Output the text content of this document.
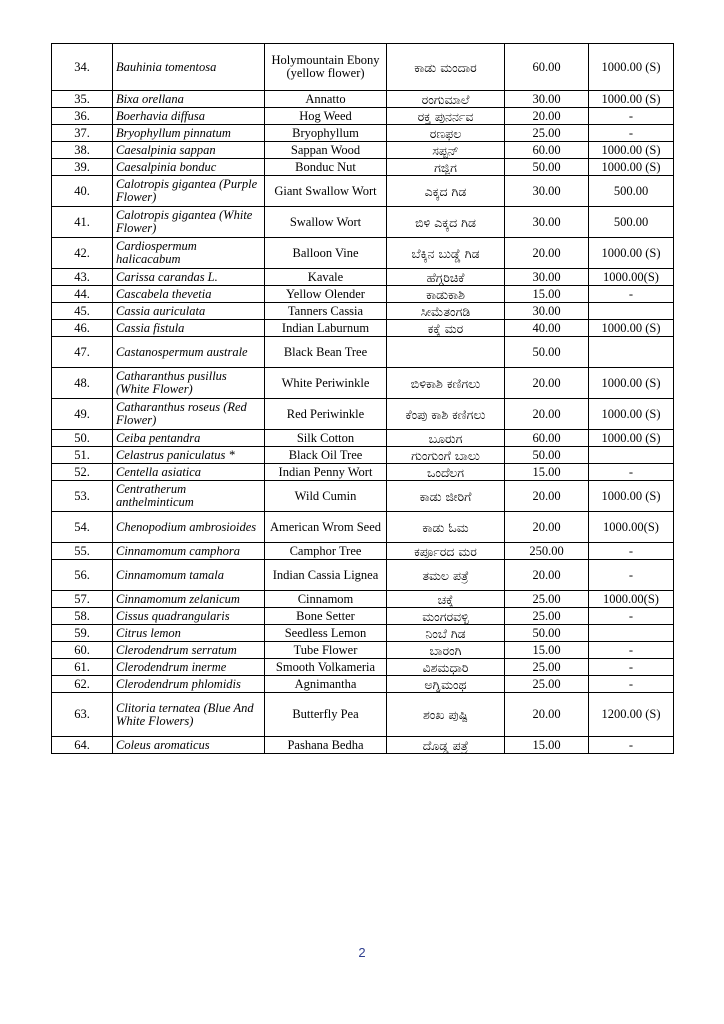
34.	Bauhinia tomentosa	Holymountain Ebony (yellow flower)	ಕಾಡು ಮಂದಾರ	60.00	1000.00 (S)
35.	Bixa orellana	Annatto	ರಂಗುಮಾಲೆ	30.00	1000.00 (S)
36.	Boerhavia diffusa	Hog Weed	ರಕ್ತ ಪುನರ್ನವ	20.00	-
37.	Bryophyllum pinnatum	Bryophyllum	ರಣಫಲ	25.00	-
38.	Caesalpinia sappan	Sappan Wood	ಸಪ್ಪನ್	60.00	1000.00 (S)
39.	Caesalpinia bonduc	Bonduc Nut	ಗಜ್ಜಿಗ	50.00	1000.00 (S)
40.	Calotropis gigantea (Purple Flower)	Giant Swallow Wort	ಎಕ್ಕದ ಗಿಡ	30.00	500.00
41.	Calotropis gigantea (White Flower)	Swallow Wort	ಬಿಳಿ ಎಕ್ಕದ ಗಿಡ	30.00	500.00
42.	Cardiospermum halicacabum	Balloon Vine	ಬೆಕ್ಕಿನ ಬುಡ್ಡೆ ಗಿಡ	20.00	1000.00 (S)
43.	Carissa carandas L.	Kavale	ಹೆಗ್ಗರಿಚಿಕೆ	30.00	1000.00(S)
44.	Cascabela thevetia	Yellow Olender	ಕಾಡುಕಾಶಿ	15.00	-
45.	Cassia auriculata	Tanners Cassia	ಸೀಮೆತಂಗಡಿ	30.00	
46.	Cassia fistula	Indian Laburnum	ಕಕ್ಕೆ ಮರ	40.00	1000.00 (S)
47.	Castanospermum australe	Black Bean Tree		50.00	
48.	Catharanthus pusillus (White Flower)	White Periwinkle	ಬಿಳಿಕಾಶಿ ಕಣಿಗಲು	20.00	1000.00 (S)
49.	Catharanthus roseus (Red Flower)	Red Periwinkle	ಕೆಂಪು ಕಾಶಿ ಕಣಿಗಲು	20.00	1000.00 (S)
50.	Ceiba pentandra	Silk Cotton	ಬೂರುಗ	60.00	1000.00 (S)
51.	Celastrus paniculatus *	Black Oil Tree	ಗುಂಗುಂಗೆ ಬಾಲು	50.00	
52.	Centella asiatica	Indian Penny Wort	ಒಂದೆಲಗ	15.00	-
53.	Centratherum anthelminticum	Wild Cumin	ಕಾಡು ಜೀರಿಗೆ	20.00	1000.00 (S)
54.	Chenopodium ambrosioides	American Wrom Seed	ಕಾಡು ಓಮ	20.00	1000.00(S)
55.	Cinnamomum camphora	Camphor Tree	ಕರ್ಪೂರದ ಮರ	250.00	-
56.	Cinnamomum tamala	Indian Cassia Lignea	ತಮಲ ಪತ್ರೆ	20.00	-
57.	Cinnamomum zelanicum	Cinnamom	ಚಕ್ಕೆ	25.00	1000.00(S)
58.	Cissus quadrangularis	Bone Setter	ಮಂಗರವಳ್ಳಿ	25.00	-
59.	Citrus lemon	Seedless Lemon	ನಿಂಬೆ ಗಿಡ	50.00	
60.	Clerodendrum serratum	Tube Flower	ಬಾರಂಗಿ	15.00	-
61.	Clerodendrum inerme	Smooth Volkameria	ವಿಶಮಧಾರಿ	25.00	-
62.	Clerodendrum phlomidis	Agnimantha	ಅಗ್ನಿಮಂಥ	25.00	-
63.	Clitoria ternatea (Blue And White Flowers)	Butterfly Pea	ಶಂಖ ಪುಷ್ಪಿ	20.00	1200.00 (S)
64.	Coleus aromaticus	Pashana Bedha	ದೊಡ್ಡ ಪತ್ರೆ	15.00	-
2
